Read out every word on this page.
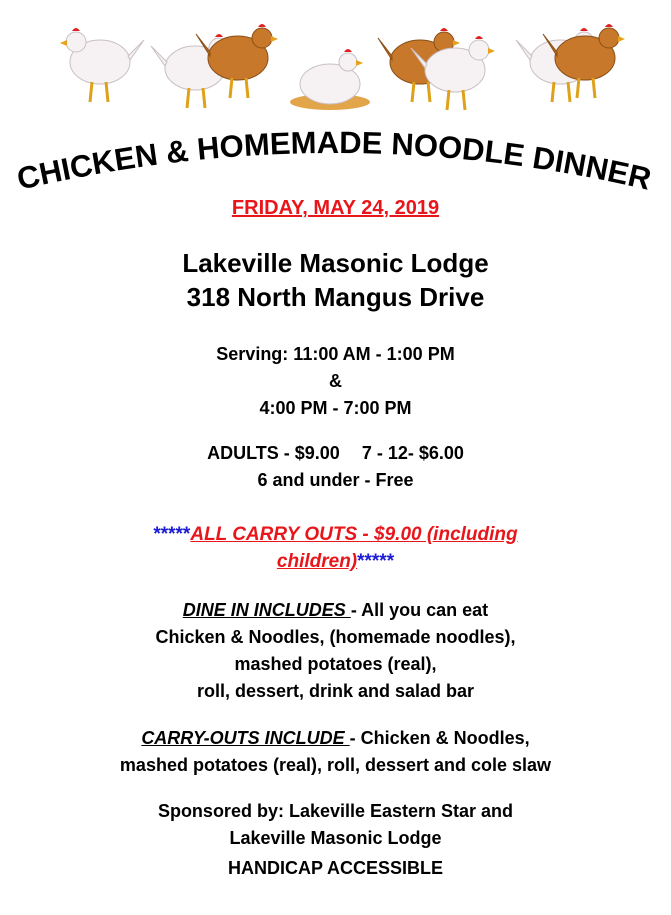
CHICKEN & HOMEMADE NOODLE DINNER
FRIDAY, MAY 24, 2019
Lakeville Masonic Lodge
318 North Mangus Drive
Serving: 11:00 AM - 1:00 PM
&
4:00 PM - 7:00 PM
ADULTS - $9.00 7 - 12- $6.00
6 and under - Free
*****ALL CARRY OUTS - $9.00 (including
children)*****
DINE IN INCLUDES - All you can eat
Chicken & Noodles, (homemade noodles),
mashed potatoes (real),
roll, dessert, drink and salad bar
CARRY-OUTS INCLUDE - Chicken & Noodles,
mashed potatoes (real), roll, dessert and cole slaw
Sponsored by: Lakeville Eastern Star and
Lakeville Masonic Lodge
HANDICAP ACCESSIBLE
